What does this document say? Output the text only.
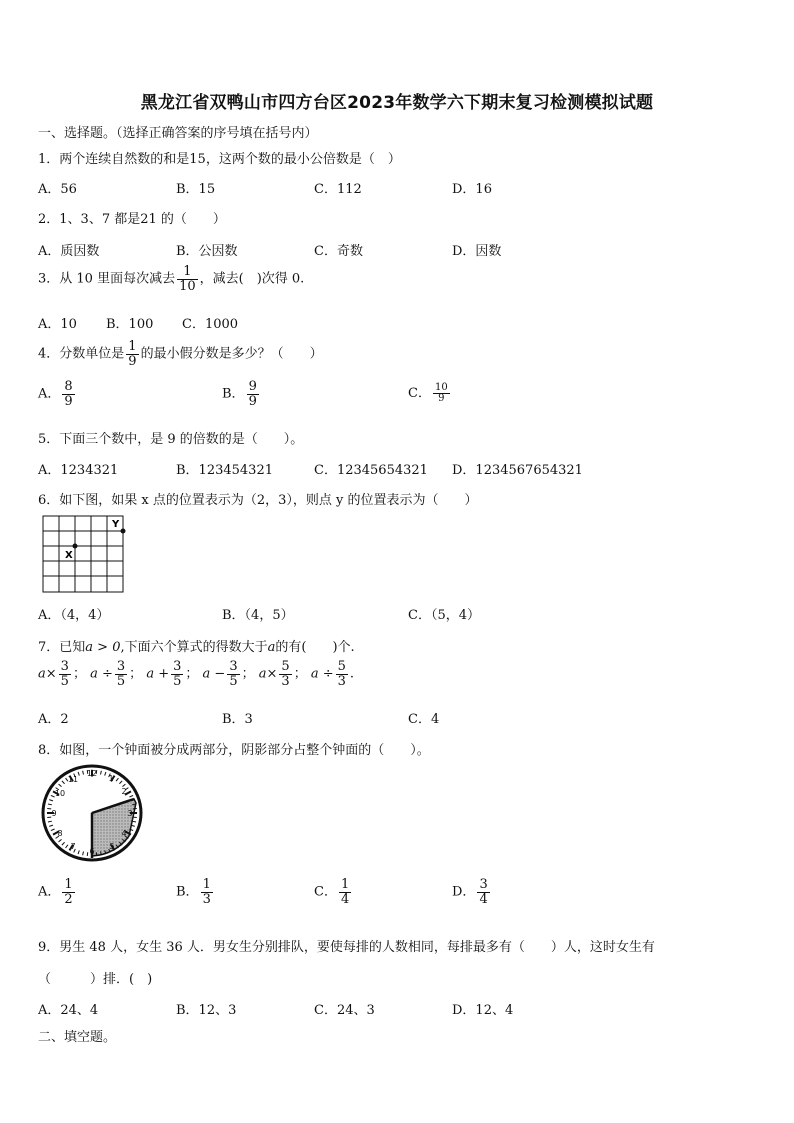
黑龙江省双鸭山市四方台区2023年数学六下期末复习检测模拟试题
一、选择题。（选择正确答案的序号填在括号内）
1．两个连续自然数的和是15，这两个数的最小公倍数是（　）
A．56	B．15	C．112	D．16
2．1、3、7 都是21 的（　　）
A．质因数	B．公因数	C．奇数	D．因数
3．从 10 里面每次减去 $\frac{1}{10}$ ，减去(　)次得 0.
A．10 B．100 C．1000
4．分数单位是 $\frac{1}{9}$ 的最小假分数是多少？（　　）
A． $\frac{8}{9}$	B． $\frac{9}{9}$	C． $\frac{10}{9}$
5．下面三个数中，是 9 的倍数的是（　　）。
A．1234321	B．123454321	C．12345654321 D．1234567654321
6．如下图，如果 x 点的位置表示为（2，3），则点 y 的位置表示为（　　）
X
Y
A．（4，4）	B．（4，5）	C．（5，4）
7．已知a > 0,下面六个算式的得数大于a的有(　　)个.
$a\times \frac{3}{5}$ ； $a \div \frac{3}{5}$ ； $a + \frac{3}{5}$ ； $a - \frac{3}{5}$ ； $a\times \frac{5}{3}$ ； $a \div \frac{5}{3}$ .
A．2	B．3	C．4
8．如图，一个钟面被分成两部分，阴影部分占整个钟面的（　　）。
12
1
2
3
4
5
6
7
8
9
10
11
A． $\frac{1}{2}$	B． $\frac{1}{3}$	C． $\frac{1}{4}$	D． $\frac{3}{4}$
9．男生 48 人，女生 36 人．男女生分别排队，要使每排的人数相同，每排最多有（　　）人，这时女生有
（　　　）排．(　)
A．24、4	B．12、3	C．24、3	D．12、4
二、填空题。
